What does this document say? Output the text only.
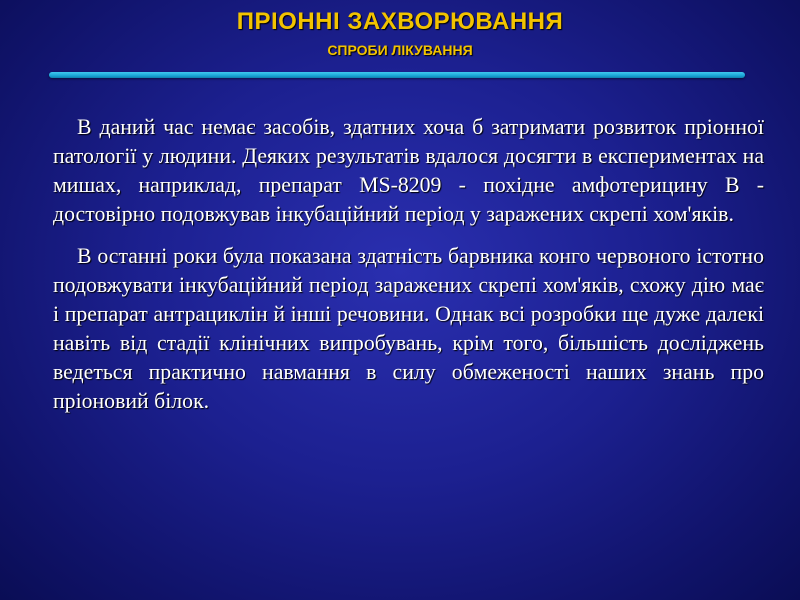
ПРІОННІ ЗАХВОРЮВАННЯ
СПРОБИ ЛІКУВАННЯ

В даний час немає засобів, здатних хоча б затримати розвиток пріонної патології у людини. Деяких результатів вдалося досягти в експериментах на мишах, наприклад, препарат MS-8209 - похідне амфотерицину В - достовірно подовжував інкубаційний період у заражених скрепі хом'яків.

В останні роки була показана здатність барвника конго червоного істотно подовжувати інкубаційний період заражених скрепі хом'яків, схожу дію має і препарат антрациклін й інші речовини. Однак всі розробки ще дуже далекі навіть від стадії клінічних випробувань, крім того, більшість досліджень ведеться практично навмання в силу обмеженості наших знань про пріоновий білок.
